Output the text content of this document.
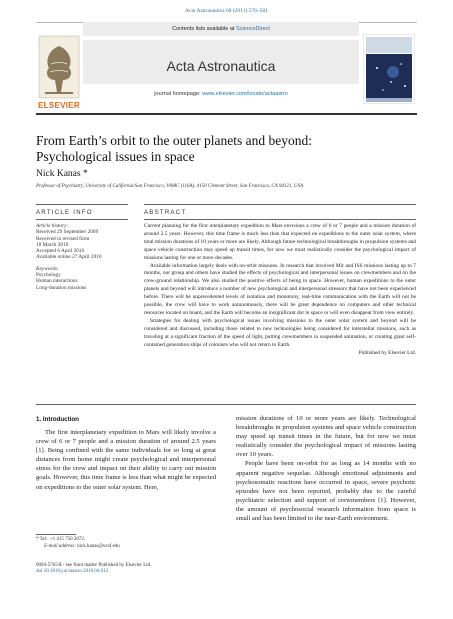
Acta Astronautica 68 (2011) 576–581
Contents lists available at ScienceDirect
ELSEVIER
Acta Astronautica
journal homepage: www.elsevier.com/locate/actaastro
From Earth’s orbit to the outer planets and beyond:
Psychological issues in space
Nick Kanas *
Professor of Psychiatry, University of California/San Francisco, VAMC (116A), 4150 Clement Street, San Francisco, CA 94121, USA
ARTICLE INFO	ABSTRACT
Article history:
Received 29 September 2009
Received in revised form
18 March 2010
Accepted 6 April 2010
Available online 27 April 2010
Keywords:
Psychology
Human interactions
Long-duration missions

Current planning for the first interplanetary expedition to Mars envisions a crew of 6 or 7 people and a mission duration of around 2.5 years. However, this time frame is much less than that expected on expeditions to the outer solar system, where total mission durations of 10 years or more are likely. Although future technological breakthroughs in propulsion systems and space vehicle construction may speed up transit times, for now we must realistically consider the psychological impact of missions lasting for one or more decades.

Available information largely deals with on-orbit missions. In research that involved Mir and ISS missions lasting up to 7 months, our group and others have studied the effects of psychological and interpersonal issues on crewmembers and on the crew-ground relationship. We also studied the positive effects of being in space. However, human expeditions to the outer planets and beyond will introduce a number of new psychological and interpersonal stressors that have not been experienced before. There will be unprecedented levels of isolation and monotony, real-time communication with the Earth will not be possible, the crew will have to work autonomously, there will be great dependence on computers and other technical resources located on board, and the Earth will become an insignificant dot in space or will even disappear from view entirely.

Strategies for dealing with psychological issues involving missions to the outer solar system and beyond will be considered and discussed, including those related to new technologies being considered for interstellar missions, such as traveling at a significant fraction of the speed of light, putting crewmembers in suspended animation, or creating giant self-contained generation ships of colonists who will not return to Earth.

Published by Elsevier Ltd.
1. Introduction

The first interplanetary expedition to Mars will likely involve a crew of 6 or 7 people and a mission duration of around 2.5 years [1]. Being confined with the same individuals for so long at great distances from home might create psychological and interpersonal stress for the crew and impact on their ability to carry out mission goals. However, this time frame is less than what might be expected on expeditions to the outer solar system. Here,

mission durations of 10 or more years are likely. Technological breakthroughs in propulsion systems and space vehicle construction may speed up transit times in the future, but for now we must realistically consider the psychological impact of missions lasting over 10 years.

People have been on-orbit for as long as 14 months with no apparent negative sequelae. Although emotional adjustments and psychosomatic reactions have occurred in space, severe psychotic episodes have not been reported, probably due to the careful psychiatric selection and support of crewmembers [1]. However, the amount of psychosocial research information from space is small and has been limited to the near-Earth environment.

* Tel.: +1 415 750 2072.
E-mail address: nick.kanas@ucsf.edu
0094-5765/$ - see front matter Published by Elsevier Ltd.
doi:10.1016/j.actaastro.2010.04.012
